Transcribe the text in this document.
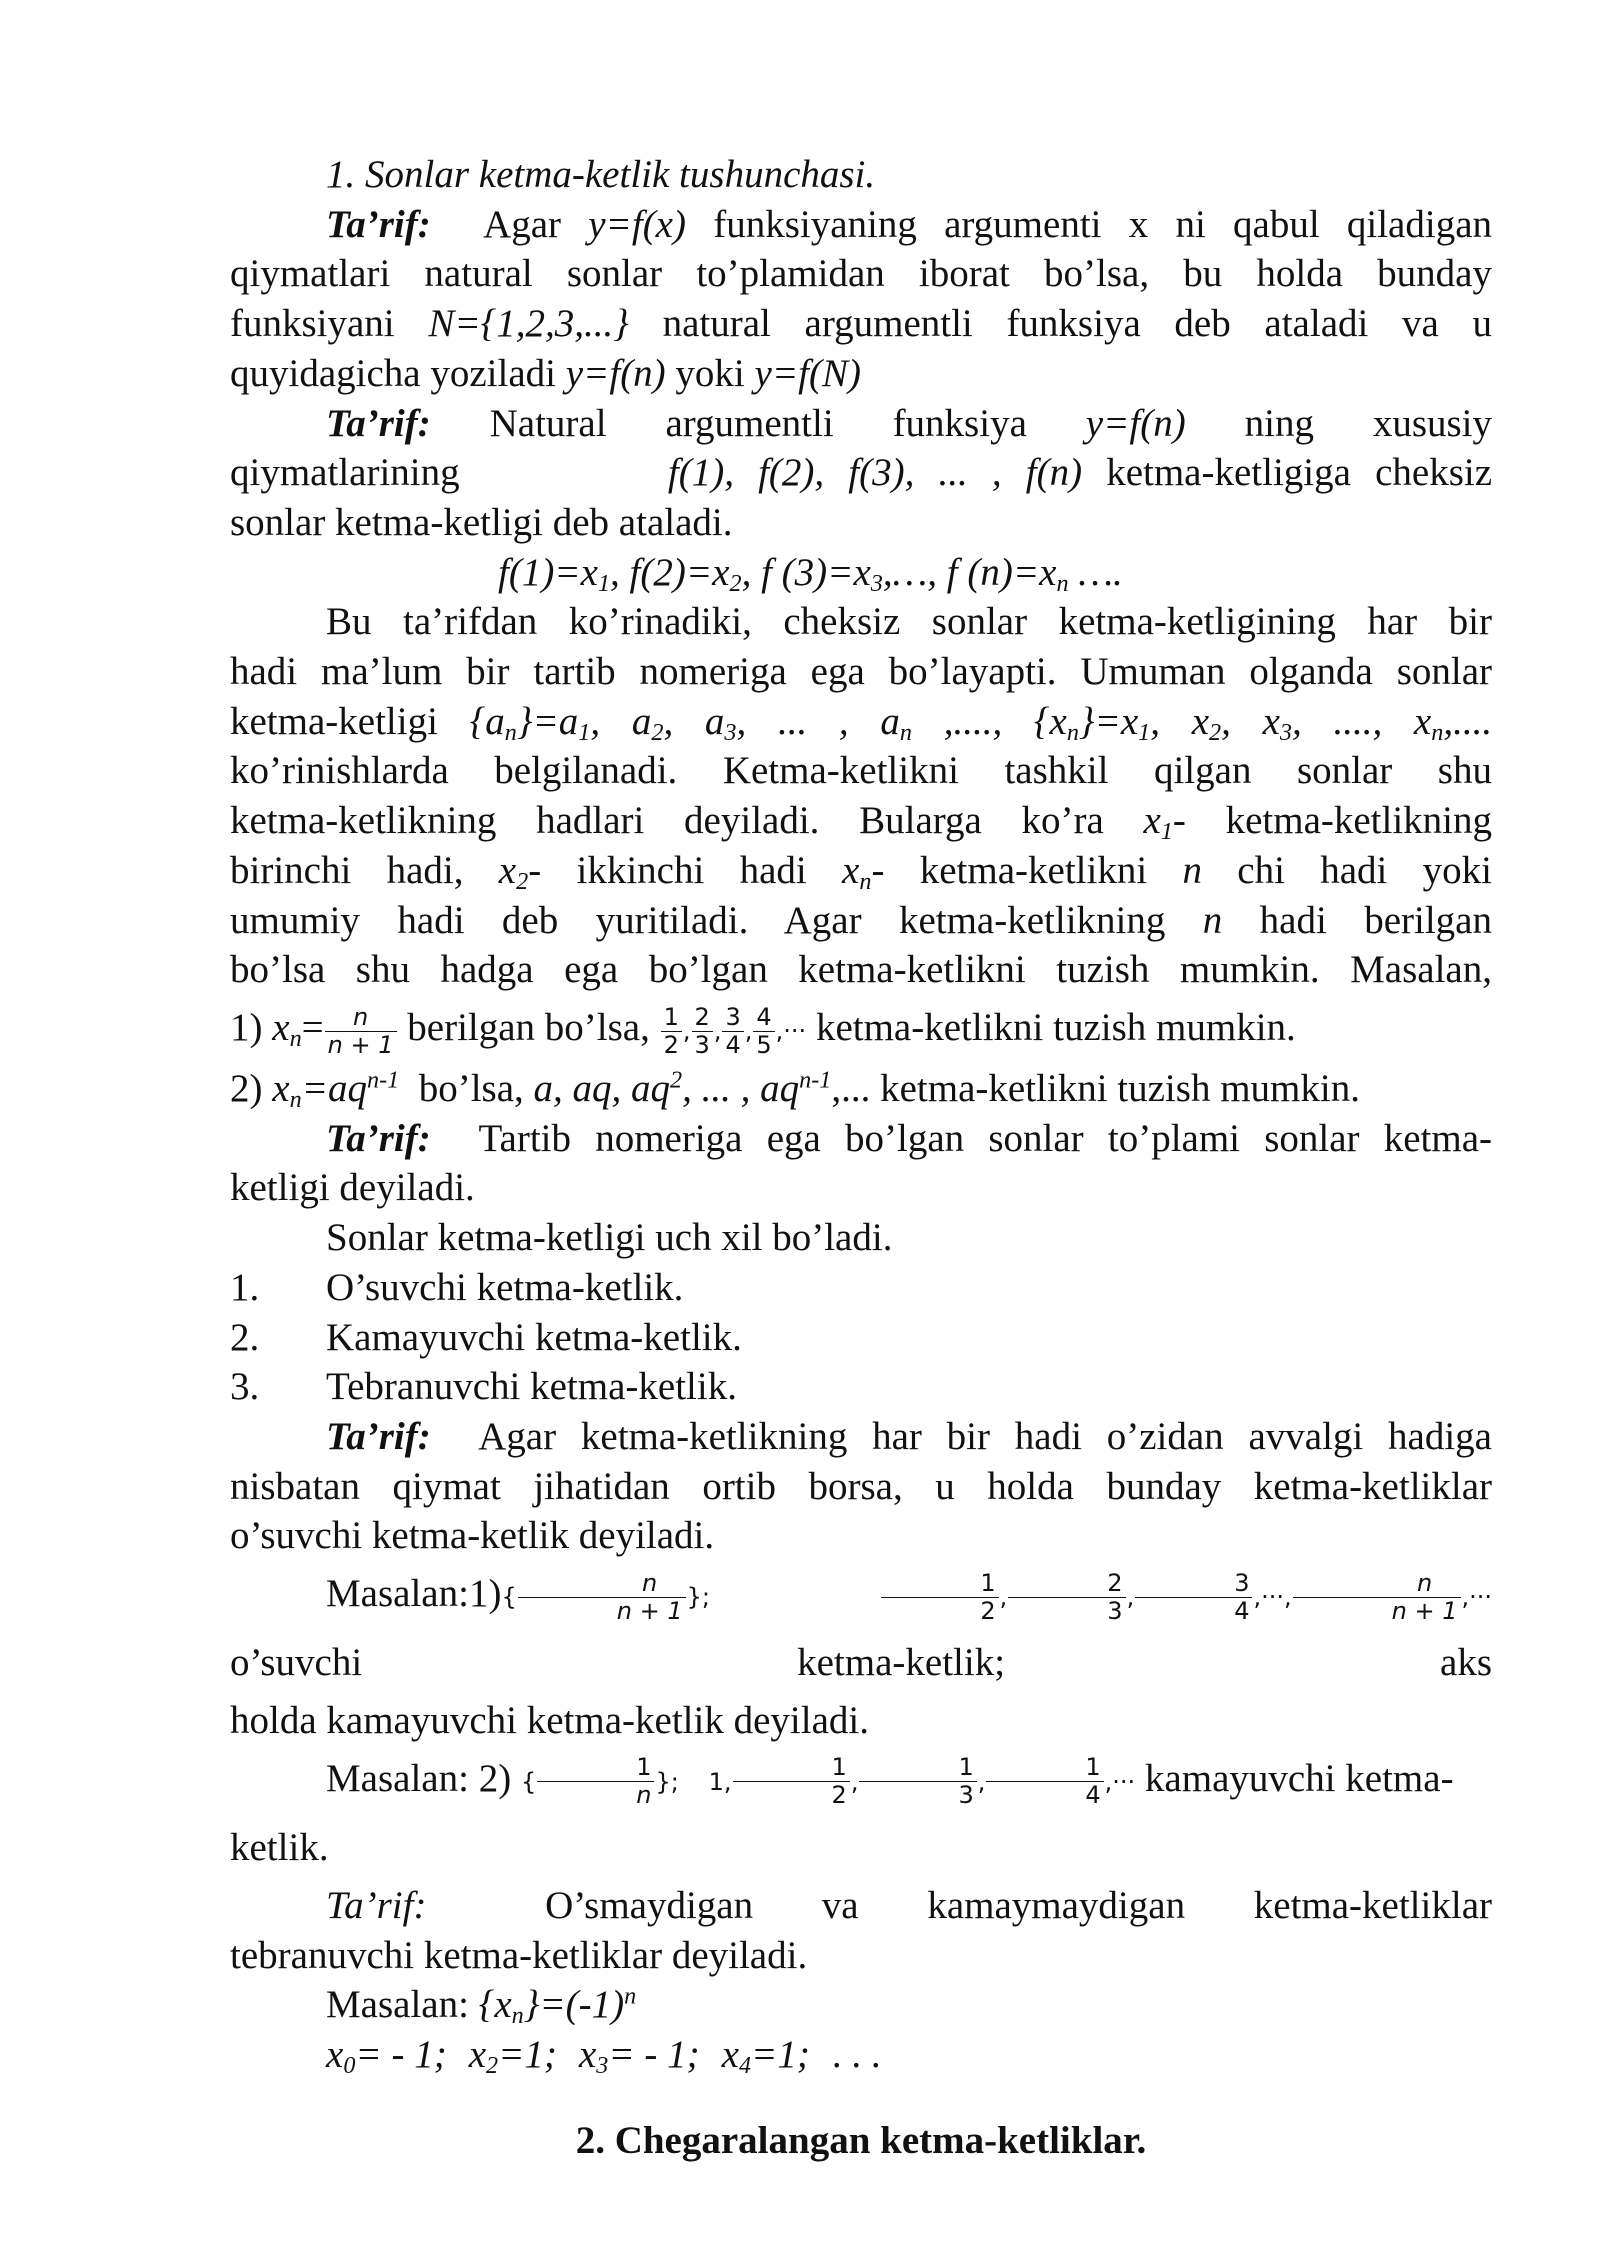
1. Sonlar ketma-ketlik tushunchasi.

Ta’rif: Agar y=f(x) funksiyaning argumenti x ni qabul qiladigan

qiymatlari natural sonlar to’plamidan iborat bo’lsa, bu holda bunday

funksiyani N={1,2,3,...} natural argumentli funksiya deb ataladi va u

quyidagicha yoziladi y=f(n) yoki y=f(N)

Ta’rif: Natural argumentli funksiya y=f(n) ning xususiy

qiymatlarining	f(1), f(2), f(3), ... , f(n) ketma-ketligiga cheksiz

sonlar ketma-ketligi deb ataladi.

$f(1)=x_1$, $f(2)=x_2$, f $(3)=x_3,\dots$, f $(n)=x_n$ ….

Bu ta’rifdan ko’rinadiki, cheksiz sonlar ketma-ketligining har bir

hadi ma’lum bir tartib nomeriga ega bo’layapti. Umuman olganda sonlar

ketma-ketligi $\{a_n\}=a_1$, $a_2$, $a_3$, ... , $a_n$ ,...., $\{x_n\}=x_1$, $x_2$, $x_3$, ...., $x_n$,....

ko’rinishlarda belgilanadi. Ketma-ketlikni tashkil qilgan sonlar shu

ketma-ketlikning hadlari deyiladi. Bularga ko’ra $x_1-$ ketma-ketlikning

birinchi hadi, $x_2-$ ikkinchi hadi $x_n-$ ketma-ketlikni n chi hadi yoki

umumiy hadi deb yuritiladi. Agar ketma-ketlikning n hadi berilgan

bo’lsa shu hadga ega bo’lgan ketma-ketlikni tuzish mumkin. Masalan,

1) $x_n= \frac{n}{n + 1}$ berilgan bo’lsa, $\frac{1}{2}$ , $\frac{2}{3}$ , $\frac{3}{4}$ , $\frac{4}{5}$ ,··· ketma-ketlikni tuzish mumkin.

2) $x_n=aq^{n-1}$ bo’lsa, a, aq, $aq^2$, ... , $aq^{n-1}$,... ketma-ketlikni tuzish mumkin.

Ta’rif: Tartib nomeriga ega bo’lgan sonlar to’plami sonlar ketma-

ketligi deyiladi.

Sonlar ketma-ketligi uch xil bo’ladi.

1.	O’suvchi ketma-ketlik.
2.	Kamayuvchi ketma-ketlik.
3.	Tebranuvchi ketma-ketlik.

Ta’rif: Agar ketma-ketlikning har bir hadi o’zidan avvalgi hadiga

nisbatan qiymat jihatidan ortib borsa, u holda bunday ketma-ketliklar

o’suvchi ketma-ketlik deyiladi.

Masalan:1){ $\frac{n}{n + 1}$ };	$\frac{1}{2}$ , $\frac{2}{3}$ , $\frac{3}{4}$ ,···, $\frac{n}{n + 1}$ ,··· o’suvchi ketma-ketlik; aks

holda kamayuvchi ketma-ketlik deyiladi.

Masalan: 2) { $\frac{1}{n}$ }; 1, $\frac{1}{2}$ , $\frac{1}{3}$ , $\frac{1}{4}$ ,··· kamayuvchi ketma-ketlik.

Ta’rif:	O’smaydigan va kamaymaydigan ketma-ketliklar

tebranuvchi ketma-ketliklar deyiladi.

Masalan: $\{x_n\}=(-1)^n$

$x_0= - 1$; $x_2=1$; $x_3= - 1$; $x_4=1$; . . .

2. Chegaralangan ketma-ketliklar.
